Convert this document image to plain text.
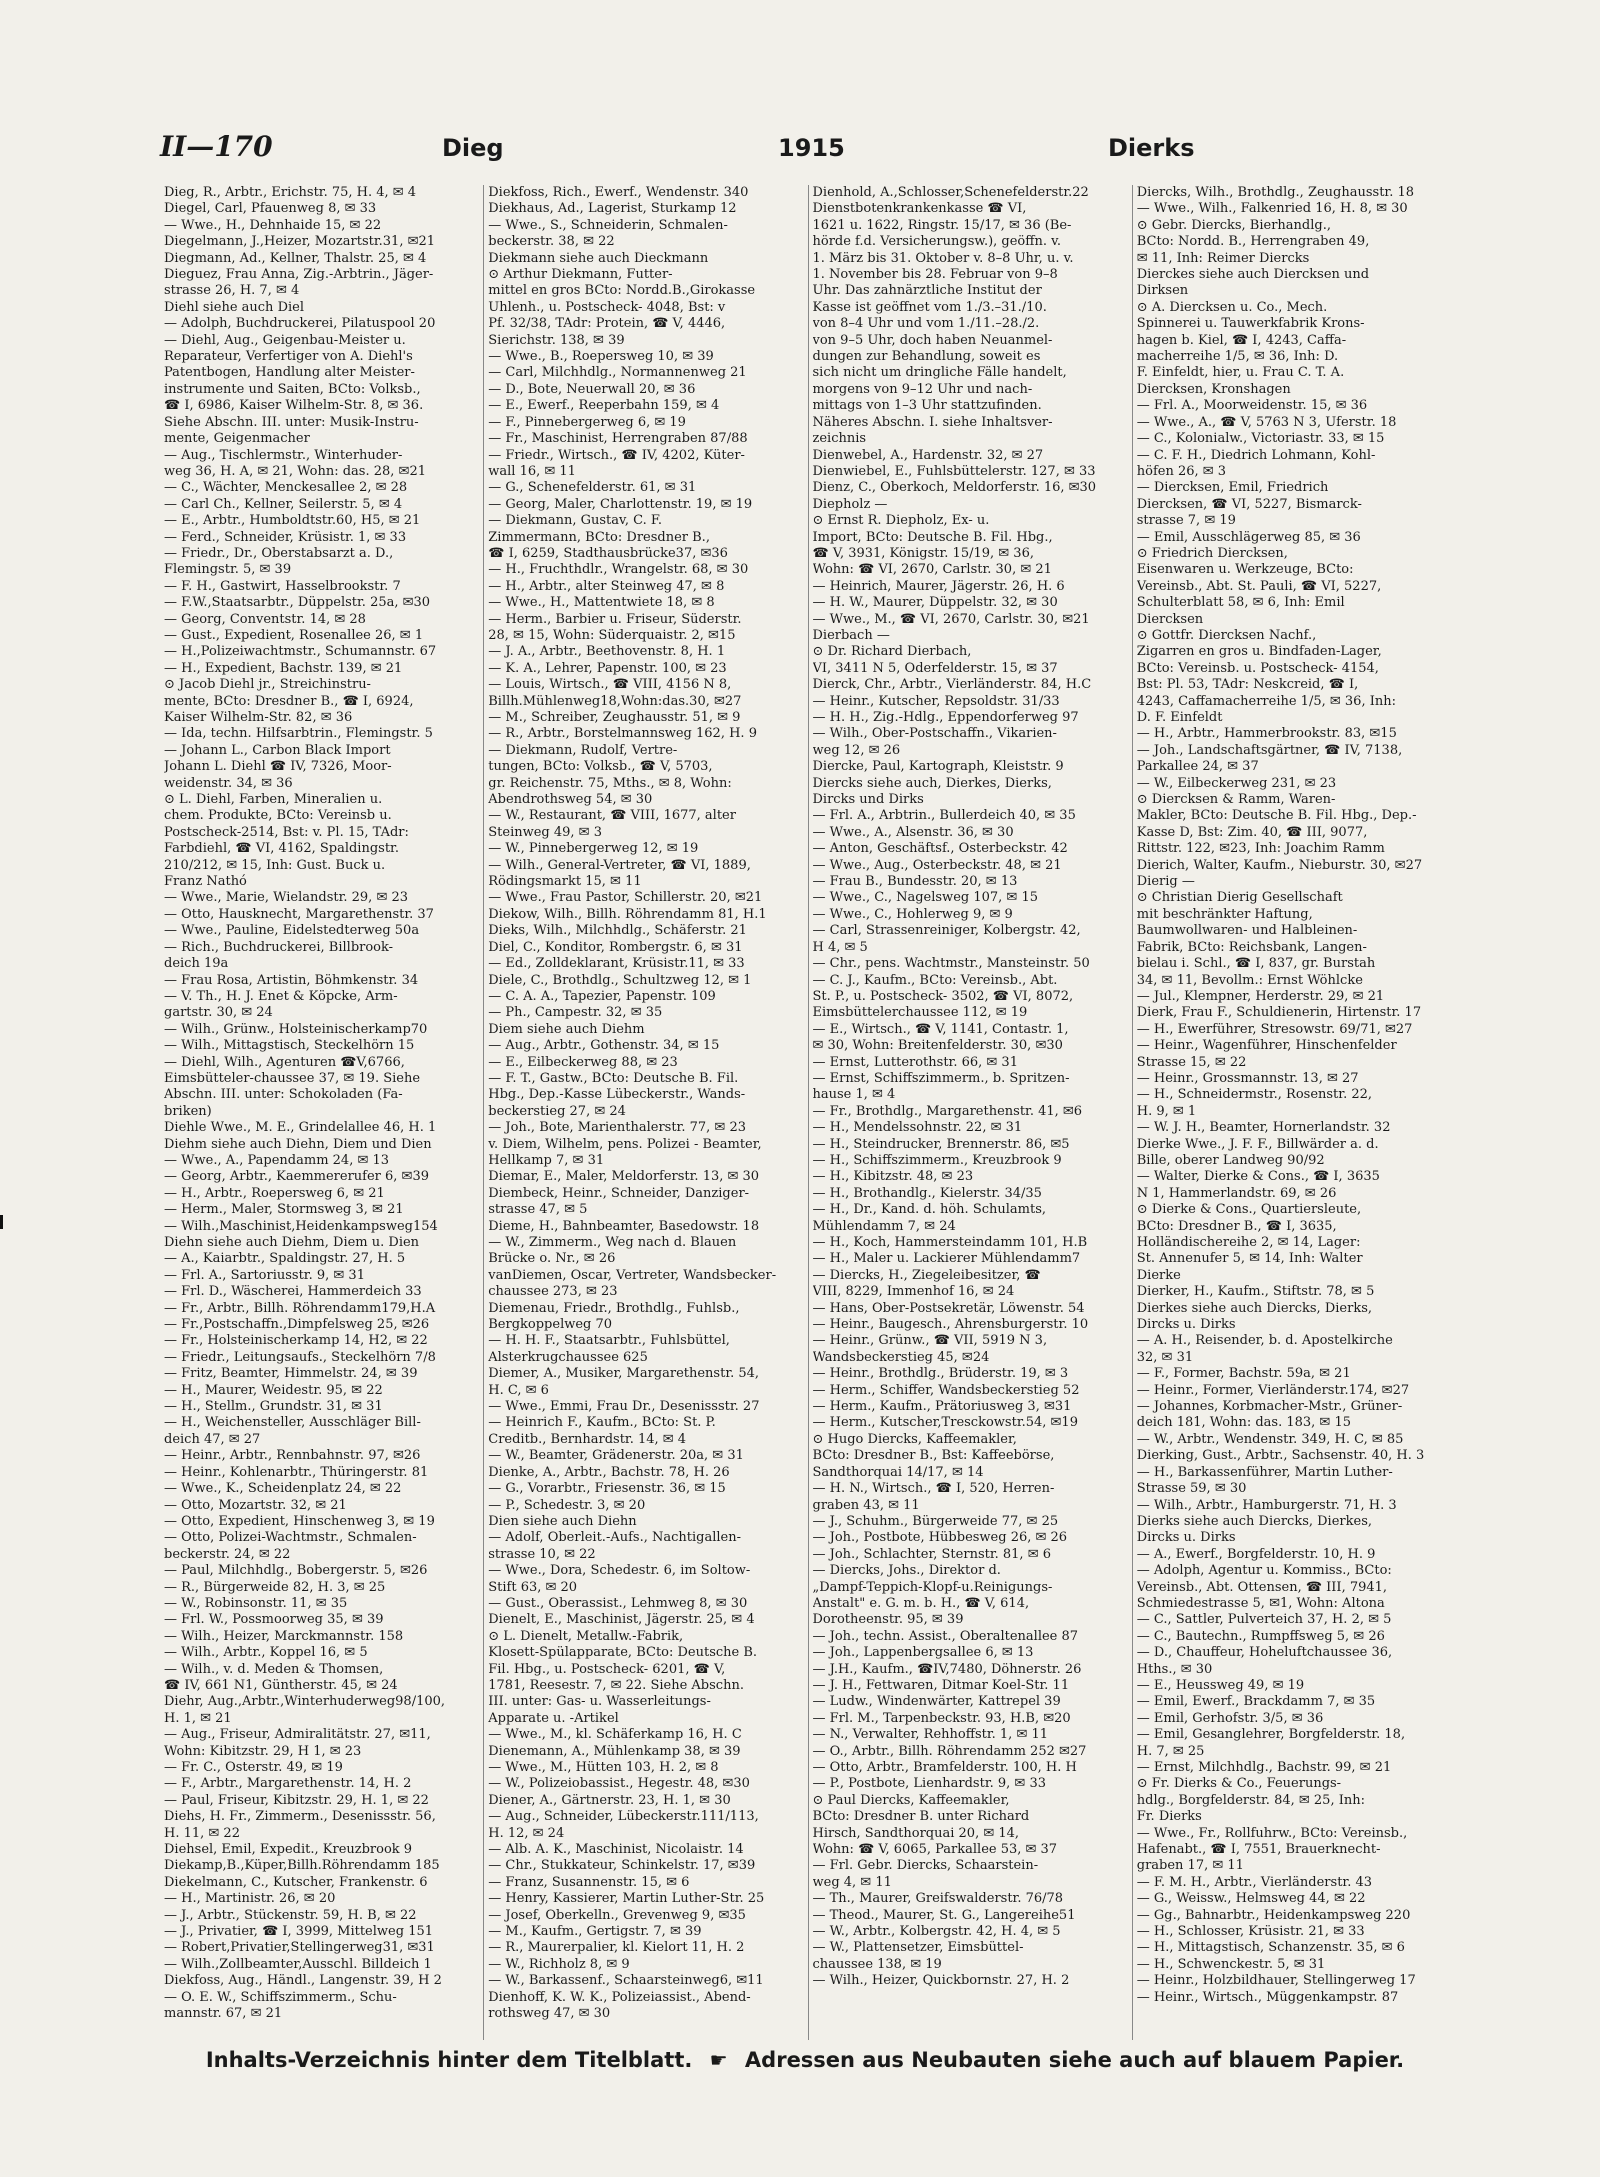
II—170	Dieg	1915	Dierks
Dieg, R., Arbtr., Erichstr. 75, H. 4, ✉ 4
Diegel, Carl, Pfauenweg 8, ✉ 33
— Wwe., H., Dehnhaide 15, ✉ 22
Diegelmann, J.,Heizer, Mozartstr.31, ✉21
Diegmann, Ad., Kellner, Thalstr. 25, ✉ 4
Dieguez, Frau Anna, Zig.-Arbtrin., Jäger-
strasse 26, H. 7, ✉ 4
Diehl siehe auch Diel
— Adolph, Buchdruckerei, Pilatuspool 20
— Diehl, Aug., Geigenbau-Meister u.
Reparateur, Verfertiger von A. Diehl's
Patentbogen, Handlung alter Meister-
instrumente und Saiten, BCto: Volksb.,
☎ I, 6986, Kaiser Wilhelm-Str. 8, ✉ 36.
Siehe Abschn. III. unter: Musik-Instru-
mente, Geigenmacher
— Aug., Tischlermstr., Winterhuder-
weg 36, H. A, ✉ 21, Wohn: das. 28, ✉21
— C., Wächter, Menckesallee 2, ✉ 28
— Carl Ch., Kellner, Seilerstr. 5, ✉ 4
— E., Arbtr., Humboldtstr.60, H5, ✉ 21
— Ferd., Schneider, Krüsistr. 1, ✉ 33
— Friedr., Dr., Oberstabsarzt a. D.,
Flemingstr. 5, ✉ 39
— F. H., Gastwirt, Hasselbrookstr. 7
— F.W.,Staatsarbtr., Düppelstr. 25a, ✉30
— Georg, Conventstr. 14, ✉ 28
— Gust., Expedient, Rosenallee 26, ✉ 1
— H.,Polizeiwachtmstr., Schumannstr. 67
— H., Expedient, Bachstr. 139, ✉ 21
⊙ Jacob Diehl jr., Streichinstru-
mente, BCto: Dresdner B., ☎ I, 6924,
Kaiser Wilhelm-Str. 82, ✉ 36
— Ida, techn. Hilfsarbtrin., Flemingstr. 5
— Johann L., Carbon Black Import
Johann L. Diehl ☎ IV, 7326, Moor-
weidenstr. 34, ✉ 36
⊙ L. Diehl, Farben, Mineralien u.
chem. Produkte, BCto: Vereinsb u.
Postscheck-2514, Bst: v. Pl. 15, TAdr:
Farbdiehl, ☎ VI, 4162, Spaldingstr.
210/212, ✉ 15, Inh: Gust. Buck u.
Franz Nathó
— Wwe., Marie, Wielandstr. 29, ✉ 23
— Otto, Hausknecht, Margarethenstr. 37
— Wwe., Pauline, Eidelstedterweg 50a
— Rich., Buchdruckerei, Billbrook-
deich 19a
— Frau Rosa, Artistin, Böhmkenstr. 34
— V. Th., H. J. Enet & Köpcke, Arm-
gartstr. 30, ✉ 24
— Wilh., Grünw., Holsteinischerkamp70
— Wilh., Mittagstisch, Steckelhörn 15
— Diehl, Wilh., Agenturen ☎V,6766,
Eimsbütteler-chaussee 37, ✉ 19. Siehe
Abschn. III. unter: Schokoladen (Fa-
briken)
Diehle Wwe., M. E., Grindelallee 46, H. 1
Diehm siehe auch Diehn, Diem und Dien
— Wwe., A., Papendamm 24, ✉ 13
— Georg, Arbtr., Kaemmererufer 6, ✉39
— H., Arbtr., Roepersweg 6, ✉ 21
— Herm., Maler, Stormsweg 3, ✉ 21
— Wilh.,Maschinist,Heidenkampsweg154
Diehn siehe auch Diehm, Diem u. Dien
— A., Kaiarbtr., Spaldingstr. 27, H. 5
— Frl. A., Sartoriusstr. 9, ✉ 31
— Frl. D., Wäscherei, Hammerdeich 33
— Fr., Arbtr., Billh. Röhrendamm179,H.A
— Fr.,Postschaffn.,Dimpfelsweg 25, ✉26
— Fr., Holsteinischerkamp 14, H2, ✉ 22
— Friedr., Leitungsaufs., Steckelhörn 7/8
— Fritz, Beamter, Himmelstr. 24, ✉ 39
— H., Maurer, Weidestr. 95, ✉ 22
— H., Stellm., Grundstr. 31, ✉ 31
— H., Weichensteller, Ausschläger Bill-
deich 47, ✉ 27
— Heinr., Arbtr., Rennbahnstr. 97, ✉26
— Heinr., Kohlenarbtr., Thüringerstr. 81
— Wwe., K., Scheidenplatz 24, ✉ 22
— Otto, Mozartstr. 32, ✉ 21
— Otto, Expedient, Hinschenweg 3, ✉ 19
— Otto, Polizei-Wachtmstr., Schmalen-
beckerstr. 24, ✉ 22
— Paul, Milchhdlg., Bobergerstr. 5, ✉26
— R., Bürgerweide 82, H. 3, ✉ 25
— W., Robinsonstr. 11, ✉ 35
— Frl. W., Possmoorweg 35, ✉ 39
— Wilh., Heizer, Marckmannstr. 158
— Wilh., Arbtr., Koppel 16, ✉ 5
— Wilh., v. d. Meden & Thomsen,
☎ IV, 661 N1, Güntherstr. 45, ✉ 24
Diehr, Aug.,Arbtr.,Winterhuderweg98/100,
H. 1, ✉ 21
— Aug., Friseur, Admiralitätstr. 27, ✉11,
Wohn: Kibitzstr. 29, H 1, ✉ 23
— Fr. C., Osterstr. 49, ✉ 19
— F., Arbtr., Margarethenstr. 14, H. 2
— Paul, Friseur, Kibitzstr. 29, H. 1, ✉ 22
Diehs, H. Fr., Zimmerm., Desenissstr. 56,
H. 11, ✉ 22
Diehsel, Emil, Expedit., Kreuzbrook 9
Diekamp,B.,Küper,Billh.Röhrendamm 185
Diekelmann, C., Kutscher, Frankenstr. 6
— H., Martinistr. 26, ✉ 20
— J., Arbtr., Stückenstr. 59, H. B, ✉ 22
— J., Privatier, ☎ I, 3999, Mittelweg 151
— Robert,Privatier,Stellingerweg31, ✉31
— Wilh.,Zollbeamter,Ausschl. Billdeich 1
Diekfoss, Aug., Händl., Langenstr. 39, H 2
— O. E. W., Schiffszimmerm., Schu-
mannstr. 67, ✉ 21
Diekfoss, Rich., Ewerf., Wendenstr. 340
Diekhaus, Ad., Lagerist, Sturkamp 12
— Wwe., S., Schneiderin, Schmalen-
beckerstr. 38, ✉ 22
Diekmann siehe auch Dieckmann
⊙ Arthur Diekmann, Futter-
mittel en gros BCto: Nordd.B.,Girokasse
Uhlenh., u. Postscheck- 4048, Bst: v
Pf. 32/38, TAdr: Protein, ☎ V, 4446,
Sierichstr. 138, ✉ 39
— Wwe., B., Roepersweg 10, ✉ 39
— Carl, Milchhdlg., Normannenweg 21
— D., Bote, Neuerwall 20, ✉ 36
— E., Ewerf., Reeperbahn 159, ✉ 4
— F., Pinnebergerweg 6, ✉ 19
— Fr., Maschinist, Herrengraben 87/88
— Friedr., Wirtsch., ☎ IV, 4202, Küter-
wall 16, ✉ 11
— G., Schenefelderstr. 61, ✉ 31
— Georg, Maler, Charlottenstr. 19, ✉ 19
— Diekmann, Gustav, C. F.
Zimmermann, BCto: Dresdner B.,
☎ I, 6259, Stadthausbrücke37, ✉36
— H., Fruchthdlr., Wrangelstr. 68, ✉ 30
— H., Arbtr., alter Steinweg 47, ✉ 8
— Wwe., H., Mattentwiete 18, ✉ 8
— Herm., Barbier u. Friseur, Süderstr.
28, ✉ 15, Wohn: Süderquaistr. 2, ✉15
— J. A., Arbtr., Beethovenstr. 8, H. 1
— K. A., Lehrer, Papenstr. 100, ✉ 23
— Louis, Wirtsch., ☎ VIII, 4156 N 8,
Billh.Mühlenweg18,Wohn:das.30, ✉27
— M., Schreiber, Zeughausstr. 51, ✉ 9
— R., Arbtr., Borstelmannsweg 162, H. 9
— Diekmann, Rudolf, Vertre-
tungen, BCto: Volksb., ☎ V, 5703,
gr. Reichenstr. 75, Mths., ✉ 8, Wohn:
Abendrothsweg 54, ✉ 30
— W., Restaurant, ☎ VIII, 1677, alter
Steinweg 49, ✉ 3
— W., Pinnebergerweg 12, ✉ 19
— Wilh., General-Vertreter, ☎ VI, 1889,
Rödingsmarkt 15, ✉ 11
— Wwe., Frau Pastor, Schillerstr. 20, ✉21
Diekow, Wilh., Billh. Röhrendamm 81, H.1
Dieks, Wilh., Milchhdlg., Schäferstr. 21
Diel, C., Konditor, Rombergstr. 6, ✉ 31
— Ed., Zolldeklarant, Krüsistr.11, ✉ 33
Diele, C., Brothdlg., Schultzweg 12, ✉ 1
— C. A. A., Tapezier, Papenstr. 109
— Ph., Campestr. 32, ✉ 35
Diem siehe auch Diehm
— Aug., Arbtr., Gothenstr. 34, ✉ 15
— E., Eilbeckerweg 88, ✉ 23
— F. T., Gastw., BCto: Deutsche B. Fil.
Hbg., Dep.-Kasse Lübeckerstr., Wands-
beckerstieg 27, ✉ 24
— Joh., Bote, Marienthalerstr. 77, ✉ 23
v. Diem, Wilhelm, pens. Polizei - Beamter,
Hellkamp 7, ✉ 31
Diemar, E., Maler, Meldorferstr. 13, ✉ 30
Diembeck, Heinr., Schneider, Danziger-
strasse 47, ✉ 5
Dieme, H., Bahnbeamter, Basedowstr. 18
— W., Zimmerm., Weg nach d. Blauen
Brücke o. Nr., ✉ 26
vanDiemen, Oscar, Vertreter, Wandsbecker-
chaussee 273, ✉ 23
Diemenau, Friedr., Brothdlg., Fuhlsb.,
Bergkoppelweg 70
— H. H. F., Staatsarbtr., Fuhlsbüttel,
Alsterkrugchaussee 625
Diemer, A., Musiker, Margarethenstr. 54,
H. C, ✉ 6
— Wwe., Emmi, Frau Dr., Desenissstr. 27
— Heinrich F., Kaufm., BCto: St. P.
Creditb., Bernhardstr. 14, ✉ 4
— W., Beamter, Grädenerstr. 20a, ✉ 31
Dienke, A., Arbtr., Bachstr. 78, H. 26
— G., Vorarbtr., Friesenstr. 36, ✉ 15
— P., Schedestr. 3, ✉ 20
Dien siehe auch Diehn
— Adolf, Oberleit.-Aufs., Nachtigallen-
strasse 10, ✉ 22
— Wwe., Dora, Schedestr. 6, im Soltow-
Stift 63, ✉ 20
— Gust., Oberassist., Lehmweg 8, ✉ 30
Dienelt, E., Maschinist, Jägerstr. 25, ✉ 4
⊙ L. Dienelt, Metallw.-Fabrik,
Klosett-Spülapparate, BCto: Deutsche B.
Fil. Hbg., u. Postscheck- 6201, ☎ V,
1781, Reesestr. 7, ✉ 22. Siehe Abschn.
III. unter: Gas- u. Wasserleitungs-
Apparate u. -Artikel
— Wwe., M., kl. Schäferkamp 16, H. C
Dienemann, A., Mühlenkamp 38, ✉ 39
— Wwe., M., Hütten 103, H. 2, ✉ 8
— W., Polizeiobassist., Hegestr. 48, ✉30
Diener, A., Gärtnerstr. 23, H. 1, ✉ 30
— Aug., Schneider, Lübeckerstr.111/113,
H. 12, ✉ 24
— Alb. A. K., Maschinist, Nicolaistr. 14
— Chr., Stukkateur, Schinkelstr. 17, ✉39
— Franz, Susannenstr. 15, ✉ 6
— Henry, Kassierer, Martin Luther-Str. 25
— Josef, Oberkelln., Grevenweg 9, ✉35
— M., Kaufm., Gertigstr. 7, ✉ 39
— R., Maurerpalier, kl. Kielort 11, H. 2
— W., Richholz 8, ✉ 9
— W., Barkassenf., Schaarsteinweg6, ✉11
Dienhoff, K. W. K., Polizeiassist., Abend-
rothsweg 47, ✉ 30
Dienhold, A.,Schlosser,Schenefelderstr.22
Dienstbotenkrankenkasse ☎ VI,
1621 u. 1622, Ringstr. 15/17, ✉ 36 (Be-
hörde f.d. Versicherungsw.), geöffn. v.
1. März bis 31. Oktober v. 8–8 Uhr, u. v.
1. November bis 28. Februar von 9–8
Uhr. Das zahnärztliche Institut der
Kasse ist geöffnet vom 1./3.–31./10.
von 8–4 Uhr und vom 1./11.–28./2.
von 9–5 Uhr, doch haben Neuanmel-
dungen zur Behandlung, soweit es
sich nicht um dringliche Fälle handelt,
morgens von 9–12 Uhr und nach-
mittags von 1–3 Uhr stattzufinden.
Näheres Abschn. I. siehe Inhaltsver-
zeichnis
Dienwebel, A., Hardenstr. 32, ✉ 27
Dienwiebel, E., Fuhlsbüttelerstr. 127, ✉ 33
Dienz, C., Oberkoch, Meldorferstr. 16, ✉30
Diepholz —
⊙ Ernst R. Diepholz, Ex- u.
Import, BCto: Deutsche B. Fil. Hbg.,
☎ V, 3931, Königstr. 15/19, ✉ 36,
Wohn: ☎ VI, 2670, Carlstr. 30, ✉ 21
— Heinrich, Maurer, Jägerstr. 26, H. 6
— H. W., Maurer, Düppelstr. 32, ✉ 30
— Wwe., M., ☎ VI, 2670, Carlstr. 30, ✉21
Dierbach —
⊙ Dr. Richard Dierbach,
VI, 3411 N 5, Oderfelderstr. 15, ✉ 37
Dierck, Chr., Arbtr., Vierländerstr. 84, H.C
— Heinr., Kutscher, Repsoldstr. 31/33
— H. H., Zig.-Hdlg., Eppendorferweg 97
— Wilh., Ober-Postschaffn., Vikarien-
weg 12, ✉ 26
Diercke, Paul, Kartograph, Kleiststr. 9
Diercks siehe auch, Dierkes, Dierks,
Dircks und Dirks
— Frl. A., Arbtrin., Bullerdeich 40, ✉ 35
— Wwe., A., Alsenstr. 36, ✉ 30
— Anton, Geschäftsf., Osterbeckstr. 42
— Wwe., Aug., Osterbeckstr. 48, ✉ 21
— Frau B., Bundesstr. 20, ✉ 13
— Wwe., C., Nagelsweg 107, ✉ 15
— Wwe., C., Hohlerweg 9, ✉ 9
— Carl, Strassenreiniger, Kolbergstr. 42,
H 4, ✉ 5
— Chr., pens. Wachtmstr., Mansteinstr. 50
— C. J., Kaufm., BCto: Vereinsb., Abt.
St. P., u. Postscheck- 3502, ☎ VI, 8072,
Eimsbüttelerchaussee 112, ✉ 19
— E., Wirtsch., ☎ V, 1141, Contastr. 1,
✉ 30, Wohn: Breitenfelderstr. 30, ✉30
— Ernst, Lutterothstr. 66, ✉ 31
— Ernst, Schiffszimmerm., b. Spritzen-
hause 1, ✉ 4
— Fr., Brothdlg., Margarethenstr. 41, ✉6
— H., Mendelssohnstr. 22, ✉ 31
— H., Steindrucker, Brennerstr. 86, ✉5
— H., Schiffszimmerm., Kreuzbrook 9
— H., Kibitzstr. 48, ✉ 23
— H., Brothandlg., Kielerstr. 34/35
— H., Dr., Kand. d. höh. Schulamts,
Mühlendamm 7, ✉ 24
— H., Koch, Hammersteindamm 101, H.B
— H., Maler u. Lackierer Mühlendamm7
— Diercks, H., Ziegeleibesitzer, ☎
VIII, 8229, Immenhof 16, ✉ 24
— Hans, Ober-Postsekretär, Löwenstr. 54
— Heinr., Baugesch., Ahrensburgerstr. 10
— Heinr., Grünw., ☎ VII, 5919 N 3,
Wandsbeckerstieg 45, ✉24
— Heinr., Brothdlg., Brüderstr. 19, ✉ 3
— Herm., Schiffer, Wandsbeckerstieg 52
— Herm., Kaufm., Prätoriusweg 3, ✉31
— Herm., Kutscher,Tresckowstr.54, ✉19
⊙ Hugo Diercks, Kaffeemakler,
BCto: Dresdner B., Bst: Kaffeebörse,
Sandthorquai 14/17, ✉ 14
— H. N., Wirtsch., ☎ I, 520, Herren-
graben 43, ✉ 11
— J., Schuhm., Bürgerweide 77, ✉ 25
— Joh., Postbote, Hübbesweg 26, ✉ 26
— Joh., Schlachter, Sternstr. 81, ✉ 6
— Diercks, Johs., Direktor d.
„Dampf-Teppich-Klopf-u.Reinigungs-
Anstalt" e. G. m. b. H., ☎ V, 614,
Dorotheenstr. 95, ✉ 39
— Joh., techn. Assist., Oberaltenallee 87
— Joh., Lappenbergsallee 6, ✉ 13
— J.H., Kaufm., ☎IV,7480, Döhnerstr. 26
— J. H., Fettwaren, Ditmar Koel-Str. 11
— Ludw., Windenwärter, Kattrepel 39
— Frl. M., Tarpenbeckstr. 93, H.B, ✉20
— N., Verwalter, Rehhoffstr. 1, ✉ 11
— O., Arbtr., Billh. Röhrendamm 252 ✉27
— Otto, Arbtr., Bramfelderstr. 100, H. H
— P., Postbote, Lienhardstr. 9, ✉ 33
⊙ Paul Diercks, Kaffeemakler,
BCto: Dresdner B. unter Richard
Hirsch, Sandthorquai 20, ✉ 14,
Wohn: ☎ V, 6065, Parkallee 53, ✉ 37
— Frl. Gebr. Diercks, Schaarstein-
weg 4, ✉ 11
— Th., Maurer, Greifswalderstr. 76/78
— Theod., Maurer, St. G., Langereihe51
— W., Arbtr., Kolbergstr. 42, H. 4, ✉ 5
— W., Plattensetzer, Eimsbüttel-
chaussee 138, ✉ 19
— Wilh., Heizer, Quickbornstr. 27, H. 2
Diercks, Wilh., Brothdlg., Zeughausstr. 18
— Wwe., Wilh., Falkenried 16, H. 8, ✉ 30
⊙ Gebr. Diercks, Bierhandlg.,
BCto: Nordd. B., Herrengraben 49,
✉ 11, Inh: Reimer Diercks
Dierckes siehe auch Diercksen und
Dirksen
⊙ A. Diercksen u. Co., Mech.
Spinnerei u. Tauwerkfabrik Krons-
hagen b. Kiel, ☎ I, 4243, Caffa-
macherreihe 1/5, ✉ 36, Inh: D.
F. Einfeldt, hier, u. Frau C. T. A.
Diercksen, Kronshagen
— Frl. A., Moorweidenstr. 15, ✉ 36
— Wwe., A., ☎ V, 5763 N 3, Uferstr. 18
— C., Kolonialw., Victoriastr. 33, ✉ 15
— C. F. H., Diedrich Lohmann, Kohl-
höfen 26, ✉ 3
— Diercksen, Emil, Friedrich
Diercksen, ☎ VI, 5227, Bismarck-
strasse 7, ✉ 19
— Emil, Ausschlägerweg 85, ✉ 36
⊙ Friedrich Diercksen,
Eisenwaren u. Werkzeuge, BCto:
Vereinsb., Abt. St. Pauli, ☎ VI, 5227,
Schulterblatt 58, ✉ 6, Inh: Emil
Diercksen
⊙ Gottfr. Diercksen Nachf.,
Zigarren en gros u. Bindfaden-Lager,
BCto: Vereinsb. u. Postscheck- 4154,
Bst: Pl. 53, TAdr: Neskcreid, ☎ I,
4243, Caffamacherreihe 1/5, ✉ 36, Inh:
D. F. Einfeldt
— H., Arbtr., Hammerbrookstr. 83, ✉15
— Joh., Landschaftsgärtner, ☎ IV, 7138,
Parkallee 24, ✉ 37
— W., Eilbeckerweg 231, ✉ 23
⊙ Diercksen & Ramm, Waren-
Makler, BCto: Deutsche B. Fil. Hbg., Dep.-
Kasse D, Bst: Zim. 40, ☎ III, 9077,
Rittstr. 122, ✉23, Inh: Joachim Ramm
Dierich, Walter, Kaufm., Nieburstr. 30, ✉27
Dierig —
⊙ Christian Dierig Gesellschaft
mit beschränkter Haftung,
Baumwollwaren- und Halbleinen-
Fabrik, BCto: Reichsbank, Langen-
bielau i. Schl., ☎ I, 837, gr. Burstah
34, ✉ 11, Bevollm.: Ernst Wöhlcke
— Jul., Klempner, Herderstr. 29, ✉ 21
Dierk, Frau F., Schuldienerin, Hirtenstr. 17
— H., Ewerführer, Stresowstr. 69/71, ✉27
— Heinr., Wagenführer, Hinschenfelder
Strasse 15, ✉ 22
— Heinr., Grossmannstr. 13, ✉ 27
— H., Schneidermstr., Rosenstr. 22,
H. 9, ✉ 1
— W. J. H., Beamter, Hornerlandstr. 32
Dierke Wwe., J. F. F., Billwärder a. d.
Bille, oberer Landweg 90/92
— Walter, Dierke & Cons., ☎ I, 3635
N 1, Hammerlandstr. 69, ✉ 26
⊙ Dierke & Cons., Quartiersleute,
BCto: Dresdner B., ☎ I, 3635,
Holländischereihe 2, ✉ 14, Lager:
St. Annenufer 5, ✉ 14, Inh: Walter
Dierke
Dierker, H., Kaufm., Stiftstr. 78, ✉ 5
Dierkes siehe auch Diercks, Dierks,
Dircks u. Dirks
— A. H., Reisender, b. d. Apostelkirche
32, ✉ 31
— F., Former, Bachstr. 59a, ✉ 21
— Heinr., Former, Vierländerstr.174, ✉27
— Johannes, Korbmacher-Mstr., Grüner-
deich 181, Wohn: das. 183, ✉ 15
— W., Arbtr., Wendenstr. 349, H. C, ✉ 85
Dierking, Gust., Arbtr., Sachsenstr. 40, H. 3
— H., Barkassenführer, Martin Luther-
Strasse 59, ✉ 30
— Wilh., Arbtr., Hamburgerstr. 71, H. 3
Dierks siehe auch Diercks, Dierkes,
Dircks u. Dirks
— A., Ewerf., Borgfelderstr. 10, H. 9
— Adolph, Agentur u. Kommiss., BCto:
Vereinsb., Abt. Ottensen, ☎ III, 7941,
Schmiedestrasse 5, ✉1, Wohn: Altona
— C., Sattler, Pulverteich 37, H. 2, ✉ 5
— C., Bautechn., Rumpffsweg 5, ✉ 26
— D., Chauffeur, Hoheluftchaussee 36,
Hths., ✉ 30
— E., Heussweg 49, ✉ 19
— Emil, Ewerf., Brackdamm 7, ✉ 35
— Emil, Gerhofstr. 3/5, ✉ 36
— Emil, Gesanglehrer, Borgfelderstr. 18,
H. 7, ✉ 25
— Ernst, Milchhdlg., Bachstr. 99, ✉ 21
⊙ Fr. Dierks & Co., Feuerungs-
hdlg., Borgfelderstr. 84, ✉ 25, Inh:
Fr. Dierks
— Wwe., Fr., Rollfuhrw., BCto: Vereinsb.,
Hafenabt., ☎ I, 7551, Brauerknecht-
graben 17, ✉ 11
— F. M. H., Arbtr., Vierländerstr. 43
— G., Weissw., Helmsweg 44, ✉ 22
— Gg., Bahnarbtr., Heidenkampsweg 220
— H., Schlosser, Krüsistr. 21, ✉ 33
— H., Mittagstisch, Schanzenstr. 35, ✉ 6
— H., Schwenckestr. 5, ✉ 31
— Heinr., Holzbildhauer, Stellingerweg 17
— Heinr., Wirtsch., Müggenkampstr. 87
Inhalts-Verzeichnis hinter dem Titelblatt. ☛ Adressen aus Neubauten siehe auch auf blauem Papier.
